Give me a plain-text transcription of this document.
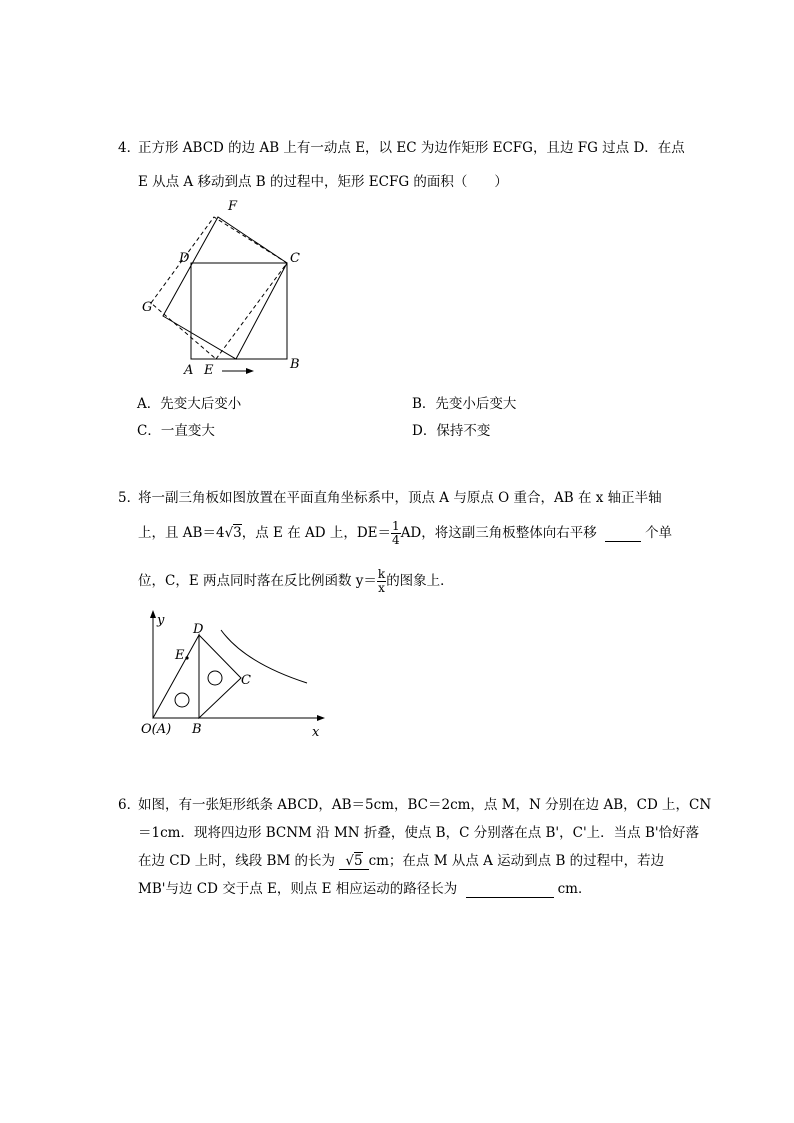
4．
正方形 ABCD 的边 AB 上有一动点 E，以 EC 为边作矩形 ECFG，且边 FG 过点 D．在点
E 从点 A 移动到点 B 的过程中，矩形 ECFG 的面积（　　）
F
D	C
G
A E	B
A．先变大后变小	B．先变小后变大
C．一直变大	D．保持不变
5．
将一副三角板如图放置在平面直角坐标系中，顶点 A 与原点 O 重合，AB 在 x 轴正半轴
上，且 AB＝4√3，点 E 在 AD 上，$DE= \frac{1}{4}$ AD，将这副三角板整体向右平移	个单
位，C，E 两点同时落在反比例函数 $y= \frac{k}{x}$ 的图象上．
y
D
E
C
O(A) B	x
6．
如图，有一张矩形纸条 ABCD，AB＝5cm，BC＝2cm，点 M，N 分别在边 AB，CD 上，CN
＝1cm．现将四边形 BCNM 沿 MN 折叠，使点 B，C 分别落在点 B'，C'上．当点 B'恰好落
在边 CD 上时，线段 BM 的长为 √5 cm；在点 M 从点 A 运动到点 B 的过程中，若边
MB'与边 CD 交于点 E，则点 E 相应运动的路径长为	cm．
